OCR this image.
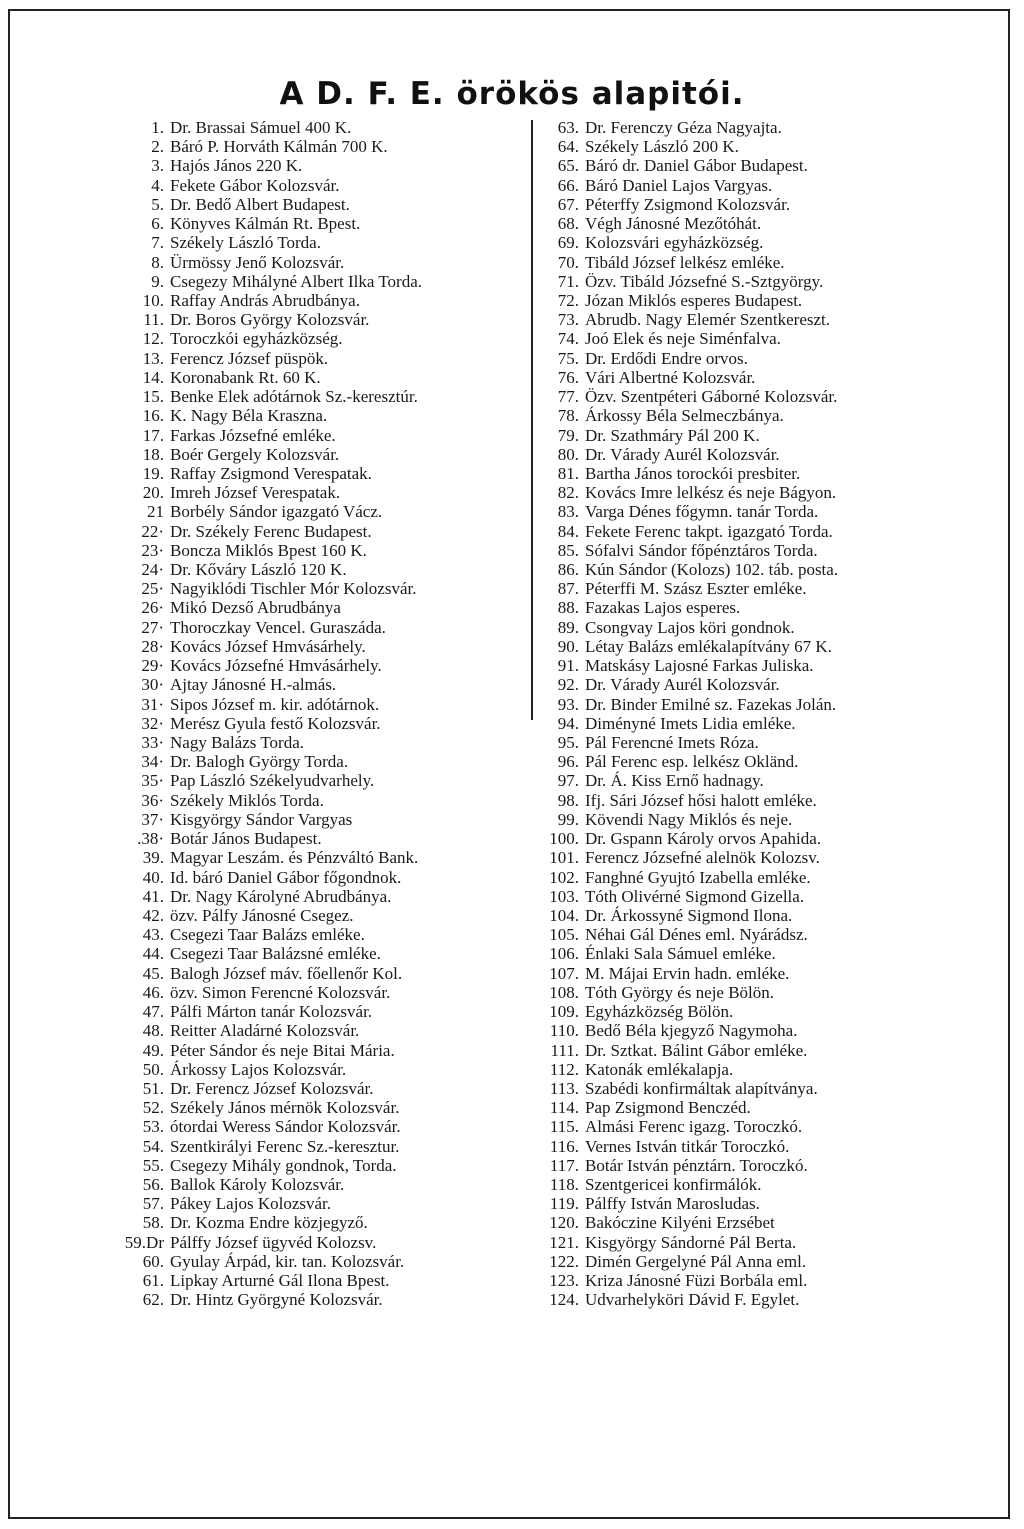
A D. F. E. örökös alapitói.
1. Dr. Brassai Sámuel 400 K.
2. Báró P. Horváth Kálmán 700 K.
3. Hajós János 220 K.
4. Fekete Gábor Kolozsvár.
5. Dr. Bedő Albert Budapest.
6. Könyves Kálmán Rt. Bpest.
7. Székely László Torda.
8. Ürmössy Jenő Kolozsvár.
9. Csegezy Mihályné Albert Ilka Torda.
10. Raffay András Abrudbánya.
11. Dr. Boros György Kolozsvár.
12. Toroczkói egyházközség.
13. Ferencz József püspök.
14. Koronabank Rt. 60 K.
15. Benke Elek adótárnok Sz.-keresztúr.
16. K. Nagy Béla Kraszna.
17. Farkas Józsefné emléke.
18. Boér Gergely Kolozsvár.
19. Raffay Zsigmond Verespatak.
20. Imreh József Verespatak.
21 Borbély Sándor igazgató Vácz.
22· Dr. Székely Ferenc Budapest.
23· Boncza Miklós Bpest 160 K.
24· Dr. Kőváry László 120 K.
25· Nagyiklódi Tischler Mór Kolozsvár.
26· Mikó Dezső Abrudbánya
27· Thoroczkay Vencel. Guraszáda.
28· Kovács József Hmvásárhely.
29· Kovács Józsefné Hmvásárhely.
30· Ajtay Jánosné H.-almás.
31· Sipos József m. kir. adótárnok.
32· Merész Gyula festő Kolozsvár.
33· Nagy Balázs Torda.
34· Dr. Balogh György Torda.
35· Pap László Székelyudvarhely.
36· Székely Miklós Torda.
37· Kisgyörgy Sándor Vargyas
.38· Botár János Budapest.
39. Magyar Leszám. és Pénzváltó Bank.
40. Id. báró Daniel Gábor főgondnok.
41. Dr. Nagy Károlyné Abrudbánya.
42. özv. Pálfy Jánosné Csegez.
43. Csegezi Taar Balázs emléke.
44. Csegezi Taar Balázsné emléke.
45. Balogh József máv. főellenőr Kol.
46. özv. Simon Ferencné Kolozsvár.
47. Pálfi Márton tanár Kolozsvár.
48. Reitter Aladárné Kolozsvár.
49. Péter Sándor és neje Bitai Mária.
50. Árkossy Lajos Kolozsvár.
51. Dr. Ferencz József Kolozsvár.
52. Székely János mérnök Kolozsvár.
53. ótordai Weress Sándor Kolozsvár.
54. Szentkirályi Ferenc Sz.-keresztur.
55. Csegezy Mihály gondnok, Torda.
56. Ballok Károly Kolozsvár.
57. Pákey Lajos Kolozsvár.
58. Dr. Kozma Endre közjegyző.
59.Dr Pálffy József ügyvéd Kolozsv.
60. Gyulay Árpád, kir. tan. Kolozsvár.
61. Lipkay Arturné Gál Ilona Bpest.
62. Dr. Hintz Györgyné Kolozsvár.
63. Dr. Ferenczy Géza Nagyajta.
64. Székely László 200 K.
65. Báró dr. Daniel Gábor Budapest.
66. Báró Daniel Lajos Vargyas.
67. Péterffy Zsigmond Kolozsvár.
68. Végh Jánosné Mezőtóhát.
69. Kolozsvári egyházközség.
70. Tibáld József lelkész emléke.
71. Özv. Tibáld Józsefné S.-Sztgyörgy.
72. Józan Miklós esperes Budapest.
73. Abrudb. Nagy Elemér Szentkereszt.
74. Joó Elek és neje Siménfalva.
75. Dr. Erdődi Endre orvos.
76. Vári Albertné Kolozsvár.
77. Özv. Szentpéteri Gáborné Kolozsvár.
78. Árkossy Béla Selmeczbánya.
79. Dr. Szathmáry Pál 200 K.
80. Dr. Várady Aurél Kolozsvár.
81. Bartha János torockói presbiter.
82. Kovács Imre lelkész és neje Bágyon.
83. Varga Dénes főgymn. tanár Torda.
84. Fekete Ferenc takpt. igazgató Torda.
85. Sófalvi Sándor főpénztáros Torda.
86. Kún Sándor (Kolozs) 102. táb. posta.
87. Péterffi M. Szász Eszter emléke.
88. Fazakas Lajos esperes.
89. Csongvay Lajos köri gondnok.
90. Létay Balázs emlékalapítvány 67 K.
91. Matskásy Lajosné Farkas Juliska.
92. Dr. Várady Aurél Kolozsvár.
93. Dr. Binder Emilné sz. Fazekas Jolán.
94. Diményné Imets Lidia emléke.
95. Pál Ferencné Imets Róza.
96. Pál Ferenc esp. lelkész Okländ.
97. Dr. Á. Kiss Ernő hadnagy.
98. Ifj. Sári József hősi halott emléke.
99. Kövendi Nagy Miklós és neje.
100. Dr. Gspann Károly orvos Apahida.
101. Ferencz Józsefné alelnök Kolozsv.
102. Fanghné Gyujtó Izabella emléke.
103. Tóth Olivérné Sigmond Gizella.
104. Dr. Árkossyné Sigmond Ilona.
105. Néhai Gál Dénes eml. Nyárádsz.
106. Énlaki Sala Sámuel emléke.
107. M. Májai Ervin hadn. emléke.
108. Tóth György és neje Bölön.
109. Egyházközség Bölön.
110. Bedő Béla kjegyző Nagymoha.
111. Dr. Sztkat. Bálint Gábor emléke.
112. Katonák emlékalapja.
113. Szabédi konfirmáltak alapítványa.
114. Pap Zsigmond Benczéd.
115. Almási Ferenc igazg. Toroczkó.
116. Vernes István titkár Toroczkó.
117. Botár István pénztárn. Toroczkó.
118. Szentgericei konfirmálók.
119. Pálffy István Marosludas.
120. Bakóczine Kilyéni Erzsébet
121. Kisgyörgy Sándorné Pál Berta.
122. Dimén Gergelyné Pál Anna eml.
123. Kriza Jánosné Füzi Borbála eml.
124. Udvarhelyköri Dávid F. Egylet.
